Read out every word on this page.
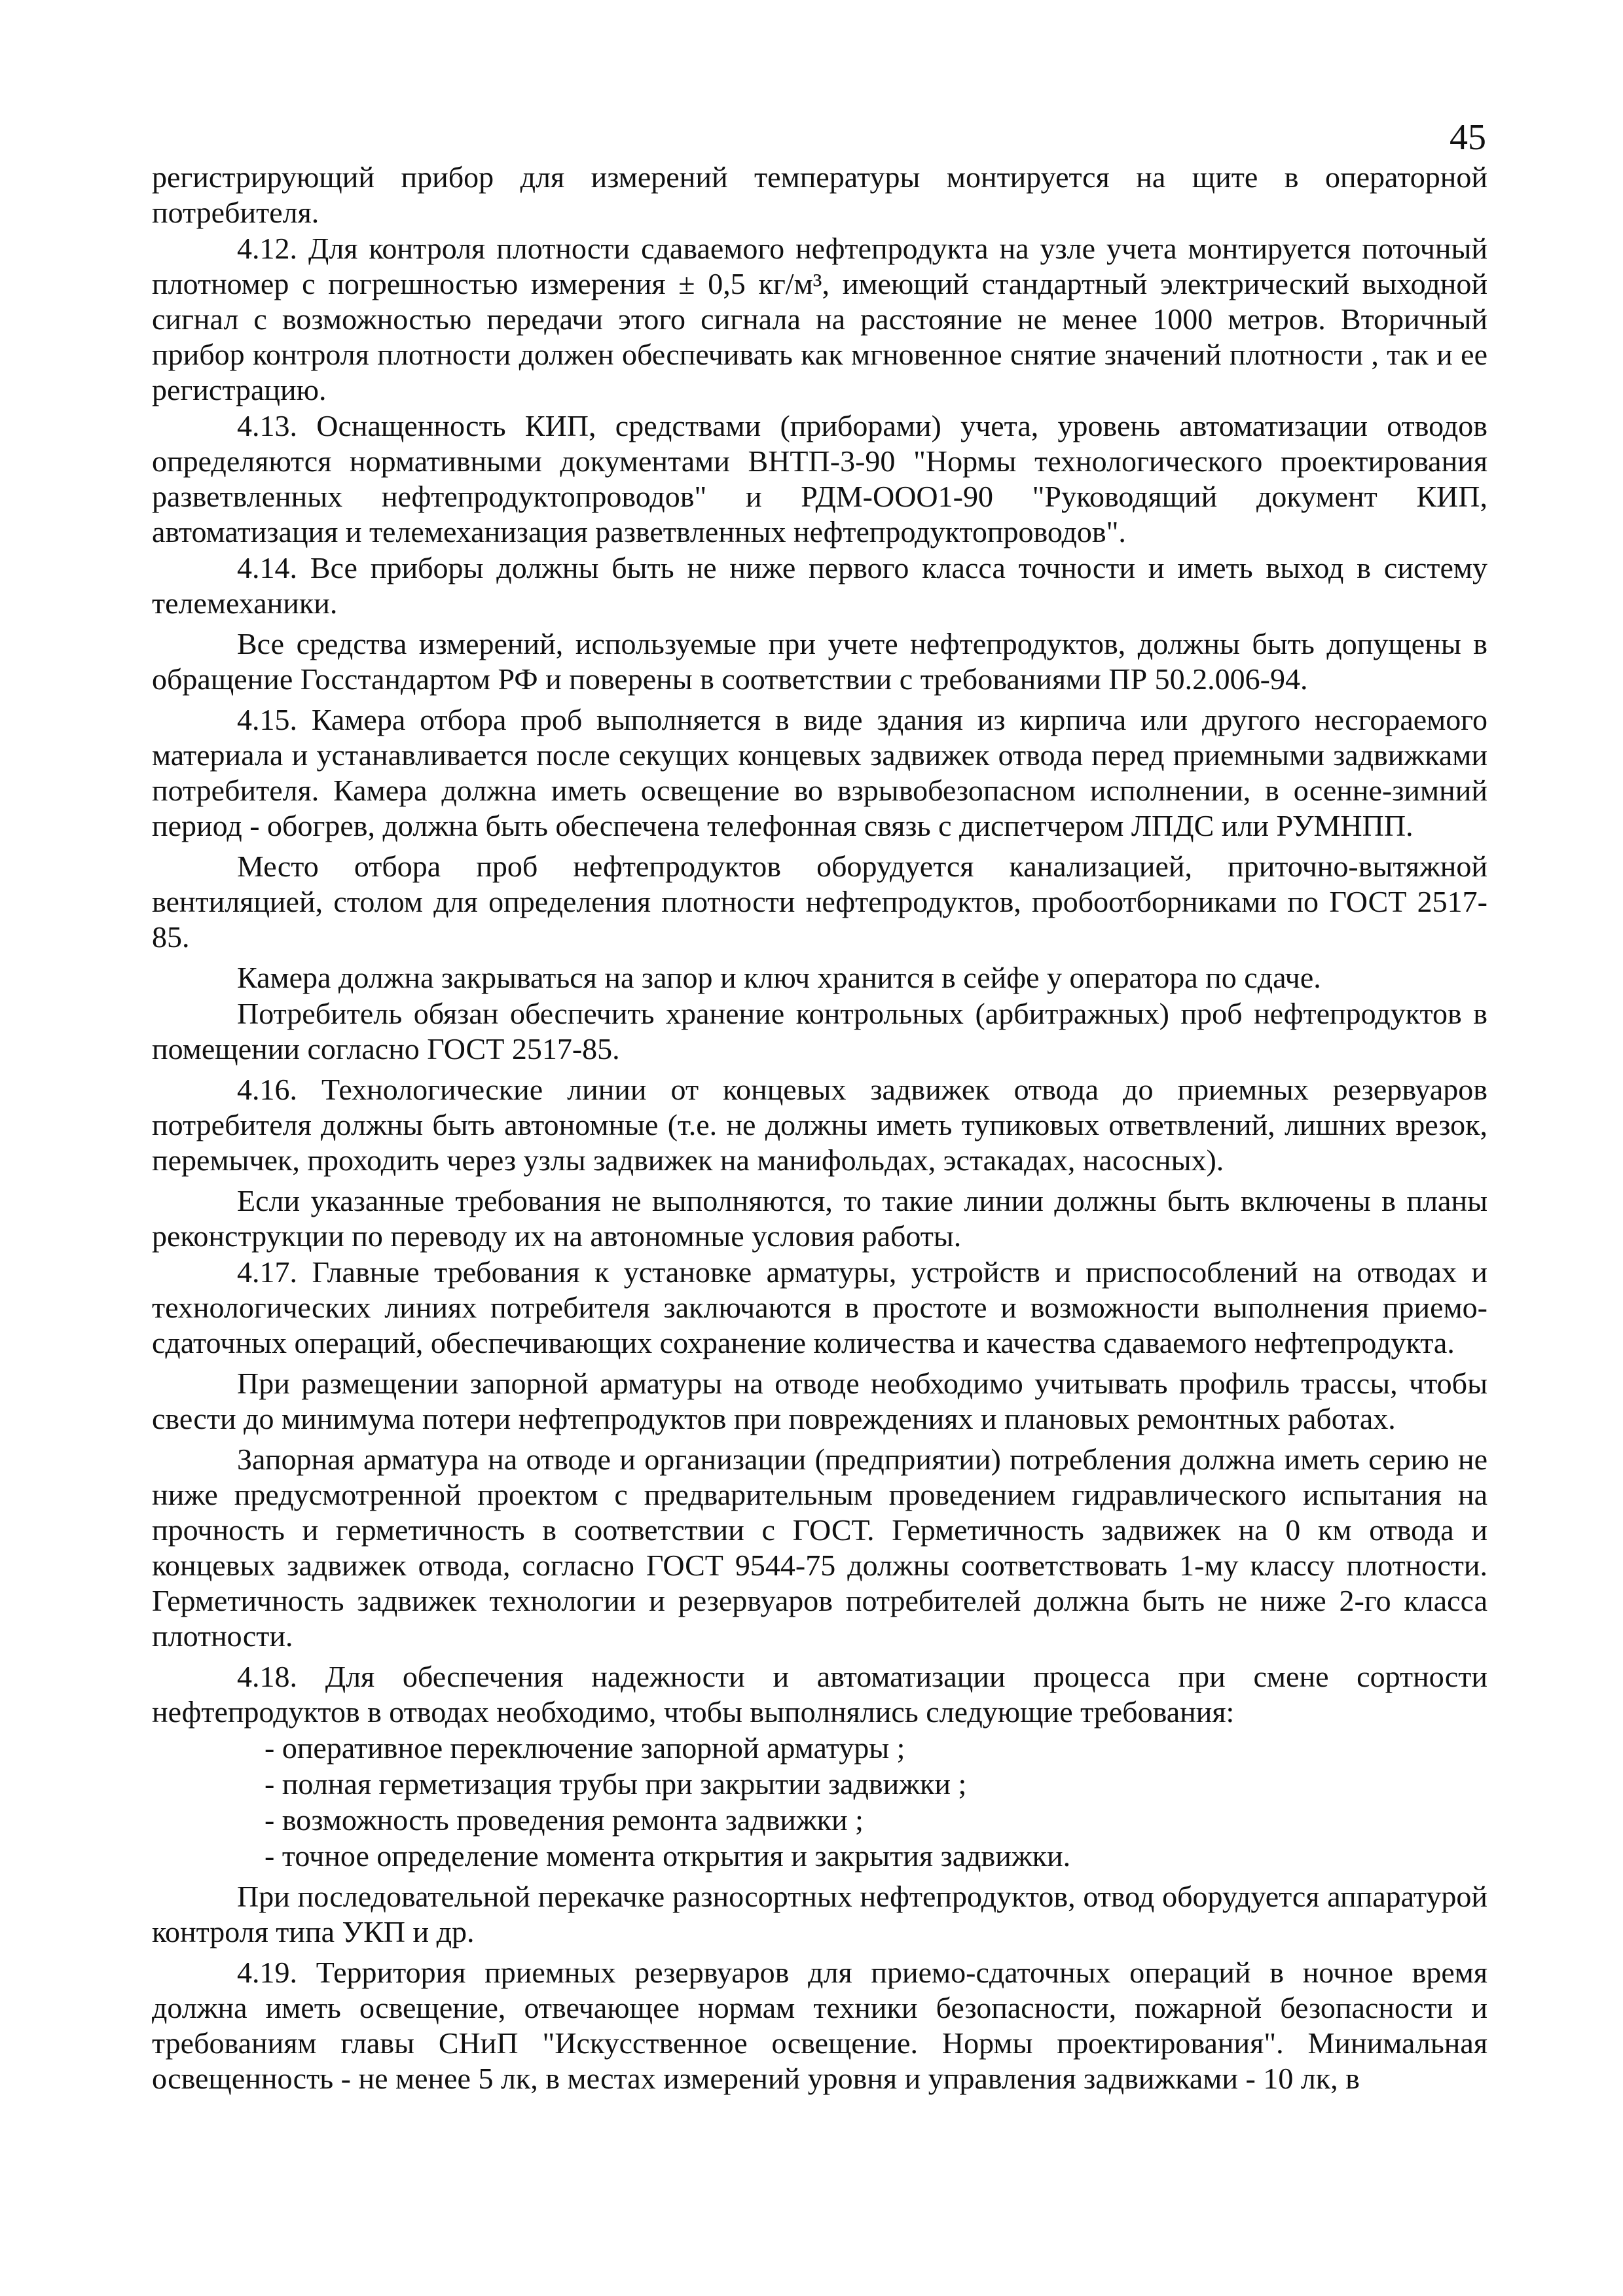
45

регистрирующий прибор для измерений температуры монтируется на щите в операторной потребителя.

4.12. Для контроля плотности сдаваемого нефтепродукта на узле учета монтируется поточный плотномер с погрешностью измерения ± 0,5 кг/м³, имеющий стандартный электрический выходной сигнал с возможностью передачи этого сигнала на расстояние не менее 1000 метров. Вторичный прибор контроля плотности должен обеспечивать как мгновенное снятие значений плотности , так и ее регистрацию.

4.13. Оснащенность КИП, средствами (приборами) учета, уровень автоматизации отводов определяются нормативными документами ВНТП-3-90 "Нормы технологического проектирования разветвленных нефтепродуктопроводов" и РДМ-ООО1-90 "Руководящий документ КИП, автоматизация и телемеханизация разветвленных нефтепродуктопроводов".

4.14. Все приборы должны быть не ниже первого класса точности и иметь выход в систему телемеханики.

Все средства измерений, используемые при учете нефтепродуктов, должны быть допущены в обращение Госстандартом РФ и поверены в соответствии с требованиями ПР 50.2.006-94.

4.15. Камера отбора проб выполняется в виде здания из кирпича или другого несгораемого материала и устанавливается после секущих концевых задвижек отвода перед приемными задвижками потребителя. Камера должна иметь освещение во взрывобезопасном исполнении, в осенне-зимний период - обогрев, должна быть обеспечена телефонная связь с диспетчером ЛПДС или РУМНПП.

Место отбора проб нефтепродуктов оборудуется канализацией, приточно-вытяжной вентиляцией, столом для определения плотности нефтепродуктов, пробоотборниками по ГОСТ 2517-85.

Камера должна закрываться на запор и ключ хранится в сейфе у оператора по сдаче.

Потребитель обязан обеспечить хранение контрольных (арбитражных) проб нефтепродуктов в помещении согласно ГОСТ 2517-85.

4.16. Технологические линии от концевых задвижек отвода до приемных резервуаров потребителя должны быть автономные (т.е. не должны иметь тупиковых ответвлений, лишних врезок, перемычек, проходить через узлы задвижек на манифольдах, эстакадах, насосных).

Если указанные требования не выполняются, то такие линии должны быть включены в планы реконструкции по переводу их на автономные условия работы.

4.17. Главные требования к установке арматуры, устройств и приспособлений на отводах и технологических линиях потребителя заключаются в простоте и возможности выполнения приемо-сдаточных операций, обеспечивающих сохранение количества и качества сдаваемого нефтепродукта.

При размещении запорной арматуры на отводе необходимо учитывать профиль трассы, чтобы свести до минимума потери нефтепродуктов при повреждениях и плановых ремонтных работах.

Запорная арматура на отводе и организации (предприятии) потребления должна иметь серию не ниже предусмотренной проектом с предварительным проведением гидравлического испытания на прочность и герметичность в соответствии с ГОСТ. Герметичность задвижек на 0 км отвода и концевых задвижек отвода, согласно ГОСТ 9544-75 должны соответствовать 1-му классу плотности. Герметичность задвижек технологии и резервуаров потребителей должна быть не ниже 2-го класса плотности.

4.18. Для обеспечения надежности и автоматизации процесса при смене сортности нефтепродуктов в отводах необходимо, чтобы выполнялись следующие требования:

- оперативное переключение запорной арматуры ;

- полная герметизация трубы при закрытии задвижки ;

- возможность проведения ремонта задвижки ;

- точное определение момента открытия и закрытия задвижки.

При последовательной перекачке разносортных нефтепродуктов, отвод оборудуется аппаратурой контроля типа УКП и др.

4.19. Территория приемных резервуаров для приемо-сдаточных операций в ночное время должна иметь освещение, отвечающее нормам техники безопасности, пожарной безопасности и требованиям главы СНиП "Искусственное освещение. Нормы проектирования". Минимальная освещенность - не менее 5 лк, в местах измерений уровня и управления задвижками - 10 лк, в
